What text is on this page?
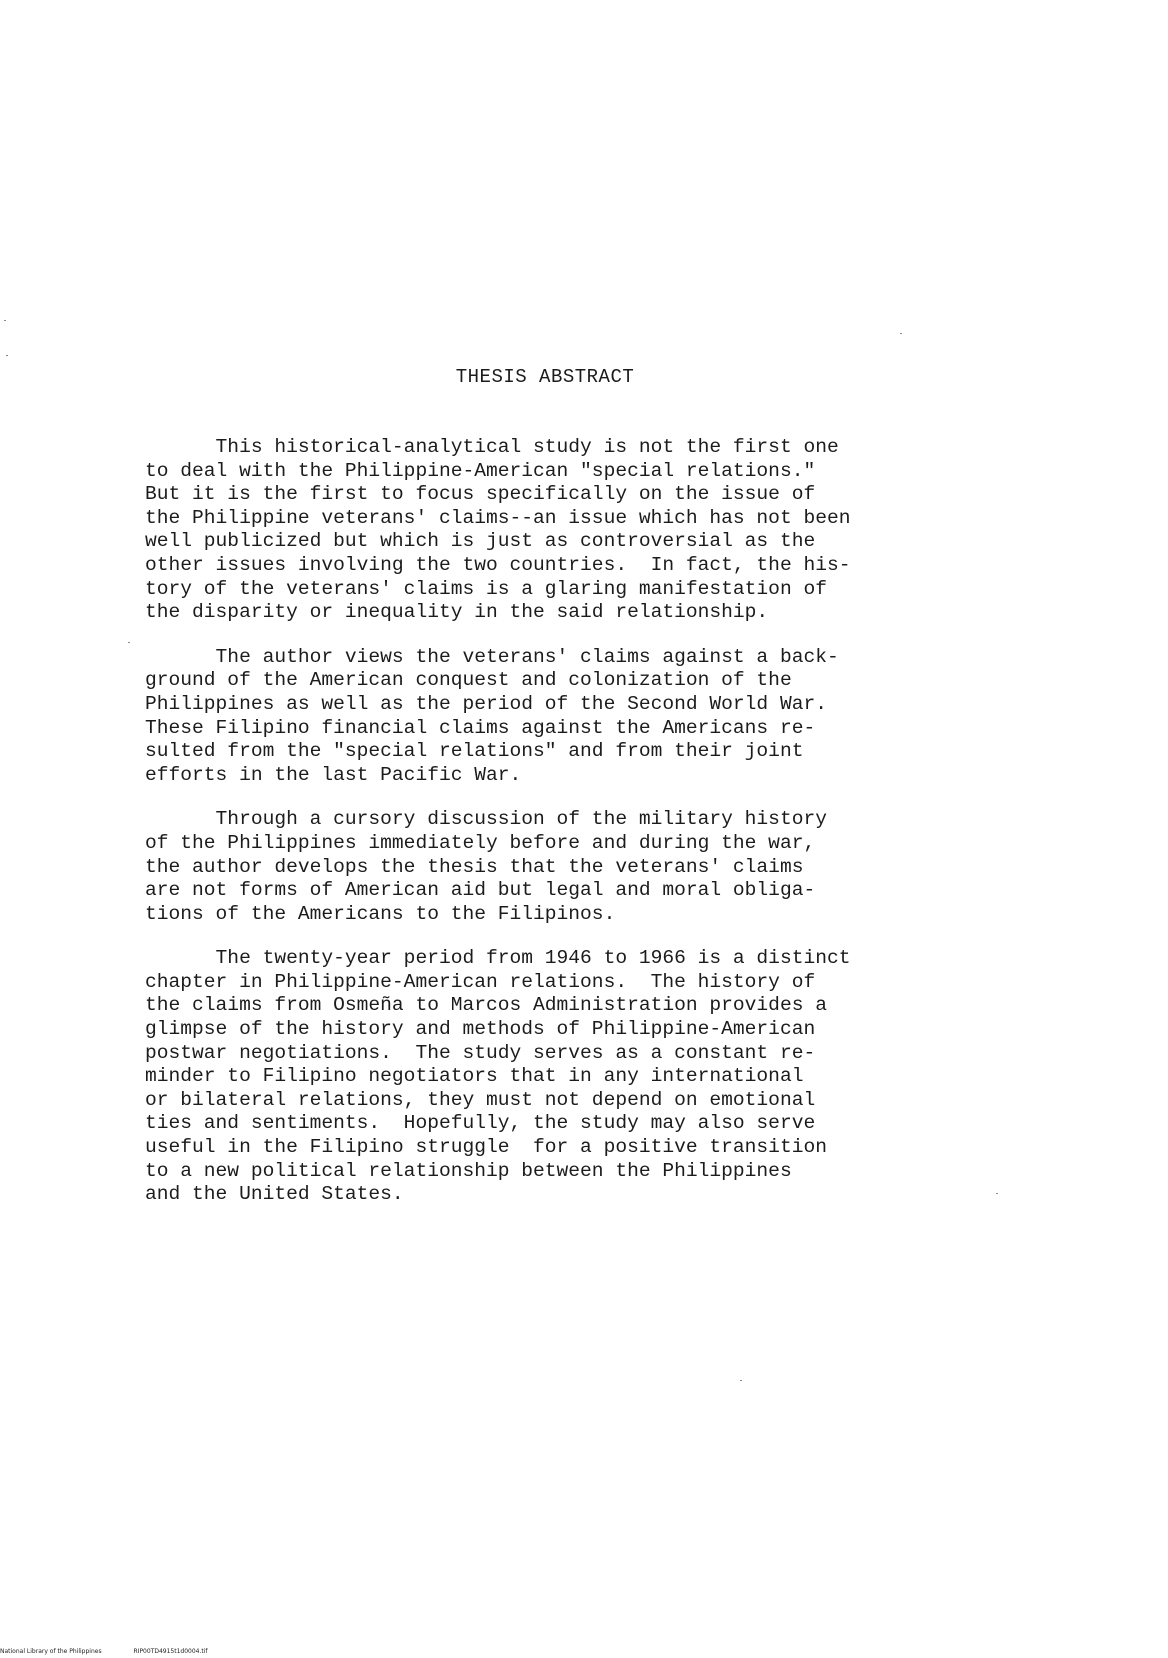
THESIS ABSTRACT
This historical-analytical study is not the first one
to deal with the Philippine-American "special relations."
But it is the first to focus specifically on the issue of
the Philippine veterans' claims--an issue which has not been
well publicized but which is just as controversial as the
other issues involving the two countries.  In fact, the his-
tory of the veterans' claims is a glaring manifestation of
the disparity or inequality in the said relationship.
The author views the veterans' claims against a back-
ground of the American conquest and colonization of the
Philippines as well as the period of the Second World War.
These Filipino financial claims against the Americans re-
sulted from the "special relations" and from their joint
efforts in the last Pacific War.
Through a cursory discussion of the military history
of the Philippines immediately before and during the war,
the author develops the thesis that the veterans' claims
are not forms of American aid but legal and moral obliga-
tions of the Americans to the Filipinos.
The twenty-year period from 1946 to 1966 is a distinct
chapter in Philippine-American relations.  The history of
the claims from Osmeña to Marcos Administration provides a
glimpse of the history and methods of Philippine-American
postwar negotiations.  The study serves as a constant re-
minder to Filipino negotiators that in any international
or bilateral relations, they must not depend on emotional
ties and sentiments.  Hopefully, the study may also serve
useful in the Filipino struggle  for a positive transition
to a new political relationship between the Philippines
and the United States.
National Library of the Philippines	RIP00TD4915t1d0004.tif
